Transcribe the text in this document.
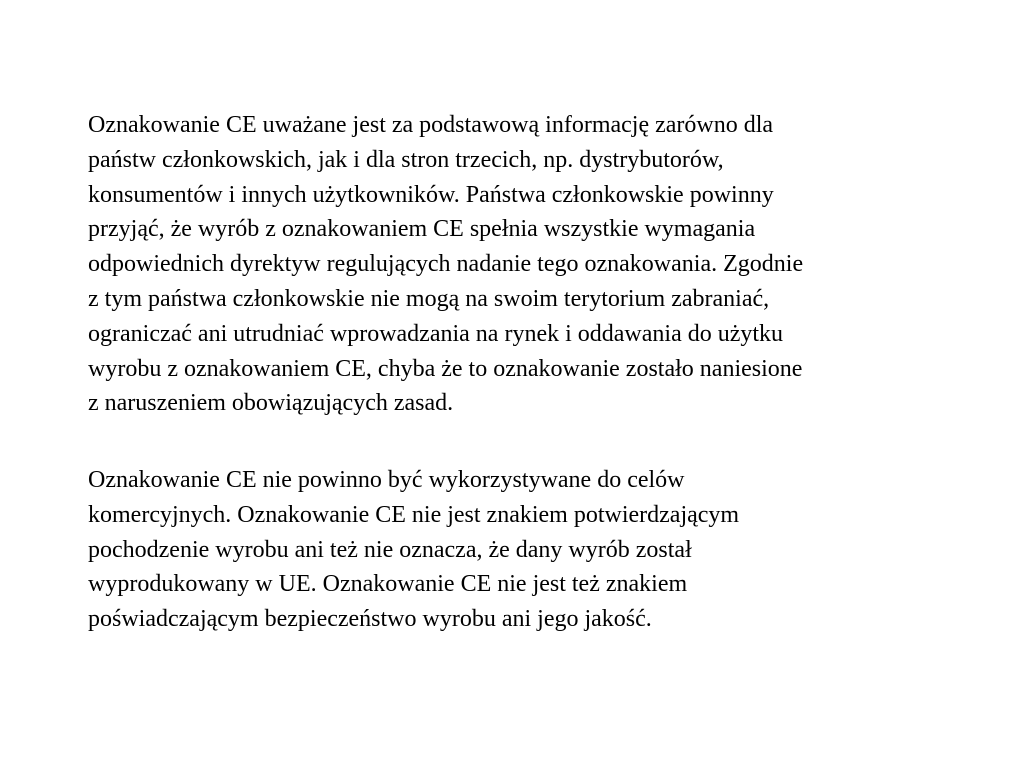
Oznakowanie CE uważane jest za podstawową informację zarówno dla
państw członkowskich, jak i dla stron trzecich, np. dystrybutorów,
konsumentów i innych użytkowników. Państwa członkowskie powinny
przyjąć, że wyrób z oznakowaniem CE spełnia wszystkie wymagania
odpowiednich dyrektyw regulujących nadanie tego oznakowania. Zgodnie
z tym państwa członkowskie nie mogą na swoim terytorium zabraniać,
ograniczać ani utrudniać wprowadzania na rynek i oddawania do użytku
wyrobu z oznakowaniem CE, chyba że to oznakowanie zostało naniesione
z naruszeniem obowiązujących zasad.

Oznakowanie CE nie powinno być wykorzystywane do celów
komercyjnych. Oznakowanie CE nie jest znakiem potwierdzającym
pochodzenie wyrobu ani też nie oznacza, że dany wyrób został
wyprodukowany w UE. Oznakowanie CE nie jest też znakiem
poświadczającym bezpieczeństwo wyrobu ani jego jakość.
